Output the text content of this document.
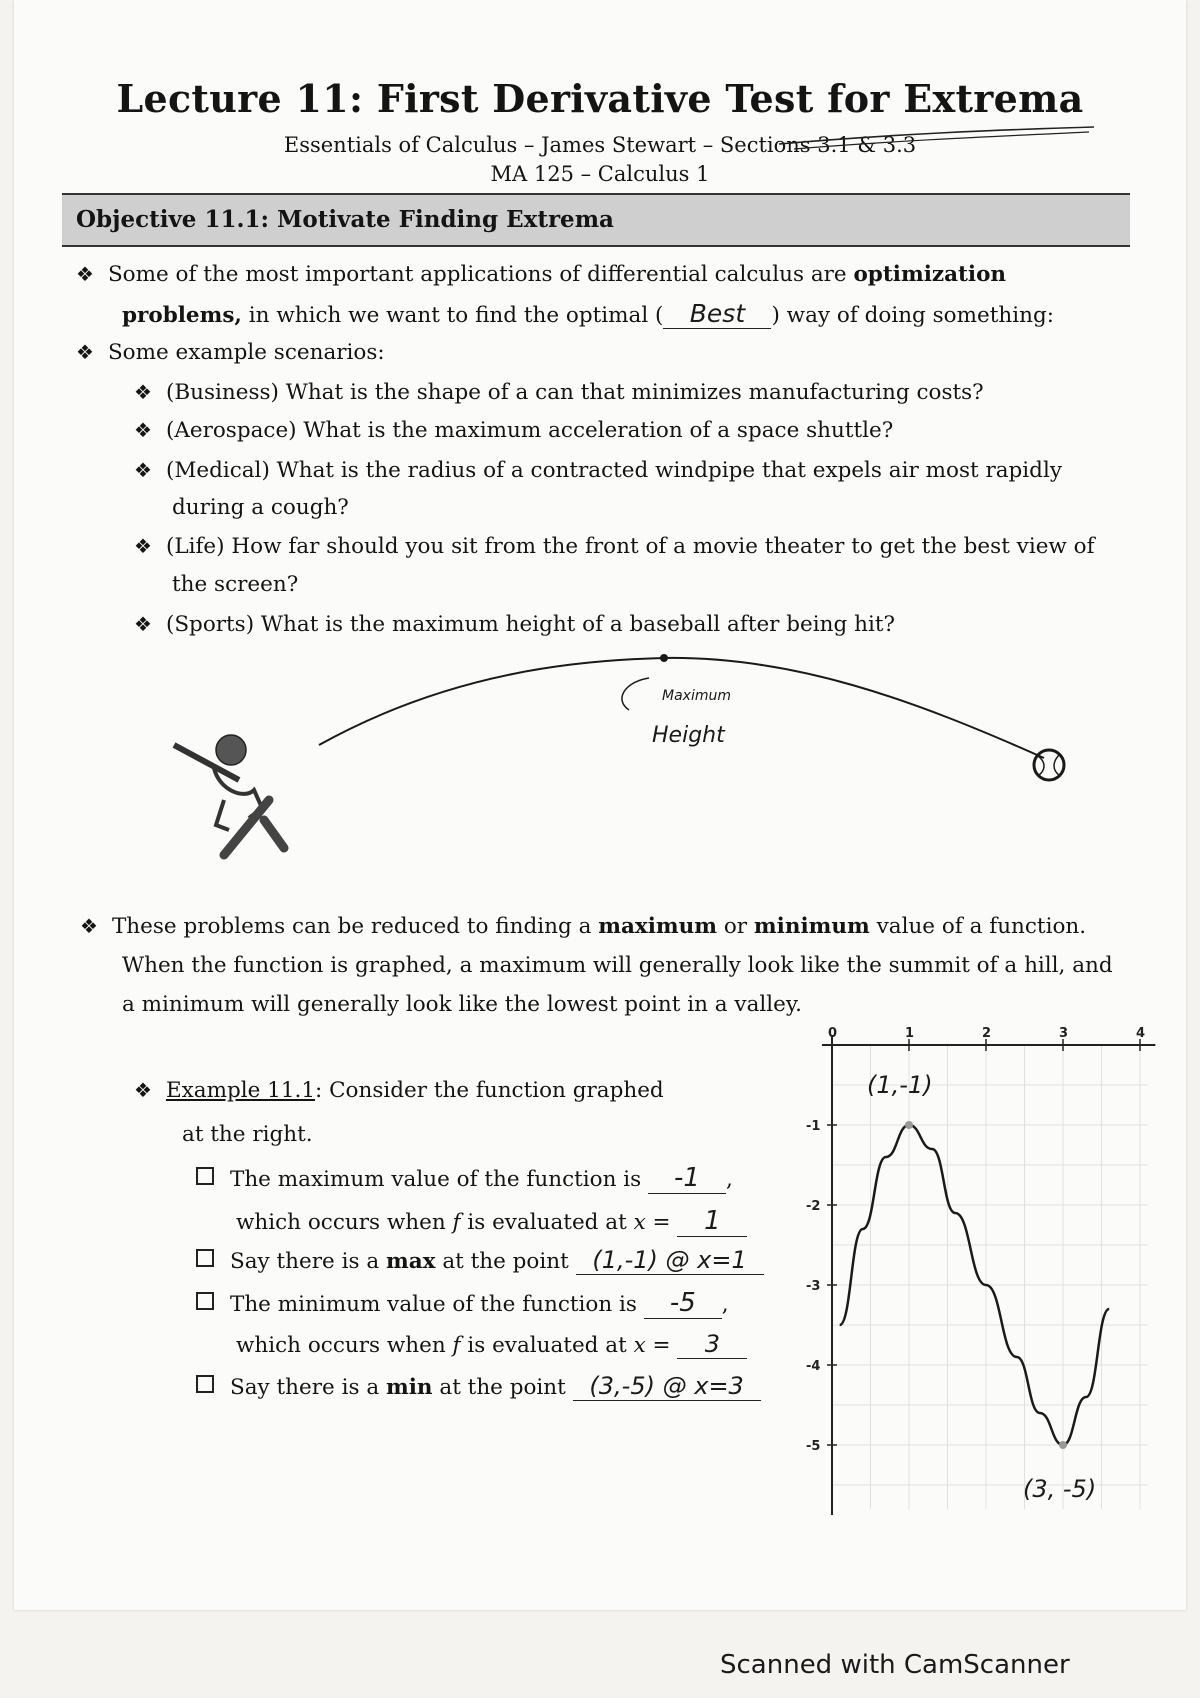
Lecture 11: First Derivative Test for Extrema
Essentials of Calculus – James Stewart – Sections 3.1 & 3.3
MA 125 – Calculus 1
Objective 11.1: Motivate Finding Extrema
❖ Some of the most important applications of differential calculus are optimization
problems, in which we want to find the optimal ( Best ) way of doing something:
❖ Some example scenarios:
❖ (Business) What is the shape of a can that minimizes manufacturing costs?
❖ (Aerospace) What is the maximum acceleration of a space shuttle?
❖ (Medical) What is the radius of a contracted windpipe that expels air most rapidly
during a cough?
❖ (Life) How far should you sit from the front of a movie theater to get the best view of
the screen?
❖ (Sports) What is the maximum height of a baseball after being hit?
Maximum
Height
❖ These problems can be reduced to finding a maximum or minimum value of a function.
When the function is graphed, a maximum will generally look like the summit of a hill, and
a minimum will generally look like the lowest point in a valley.
❖ Example 11.1: Consider the function graphed
at the right.
The maximum value of the function is -1 ,
which occurs when f is evaluated at x = 1
Say there is a max at the point (1,-1) @ x=1
The minimum value of the function is -5 ,
which occurs when f is evaluated at x = 3
Say there is a min at the point (3,-5) @ x=3
0	1	2	3	4
-1
-2
-3
-4
-5
(1,-1)
(3, -5)
Scanned with CamScanner
